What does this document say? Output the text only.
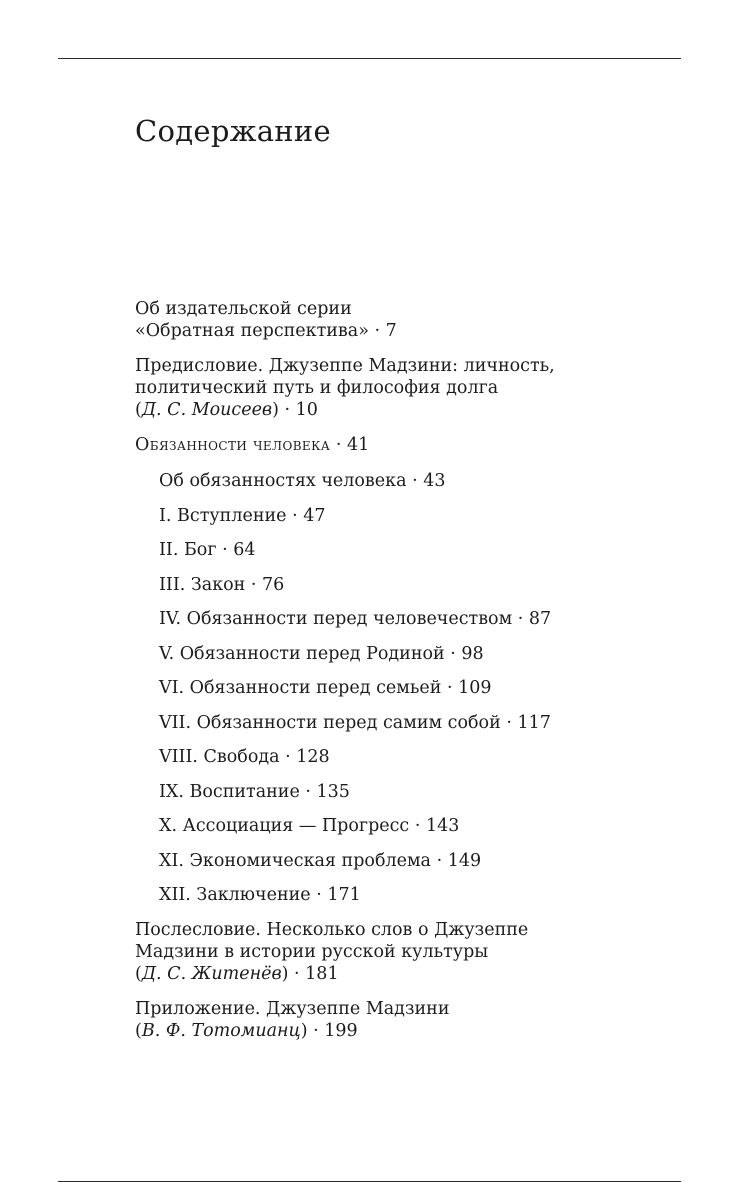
Содержание
Об издательской серии
«Обратная перспектива» · 7
Предисловие. Джузеппе Мадзини: личность,
политический путь и философия долга
(Д. С. Моисеев) · 10
Обязанности человека · 41
Об обязанностях человека · 43
I. Вступление · 47
II. Бог · 64
III. Закон · 76
IV. Обязанности перед человечеством · 87
V. Обязанности перед Родиной · 98
VI. Обязанности перед семьей · 109
VII. Обязанности перед самим собой · 117
VIII. Свобода · 128
IX. Воспитание · 135
X. Ассоциация — Прогресс · 143
XI. Экономическая проблема · 149
XII. Заключение · 171
Послесловие. Несколько слов о Джузеппе
Мадзини в истории русской культуры
(Д. С. Житенёв) · 181
Приложение. Джузеппе Мадзини
(В. Ф. Тотомианц) · 199
